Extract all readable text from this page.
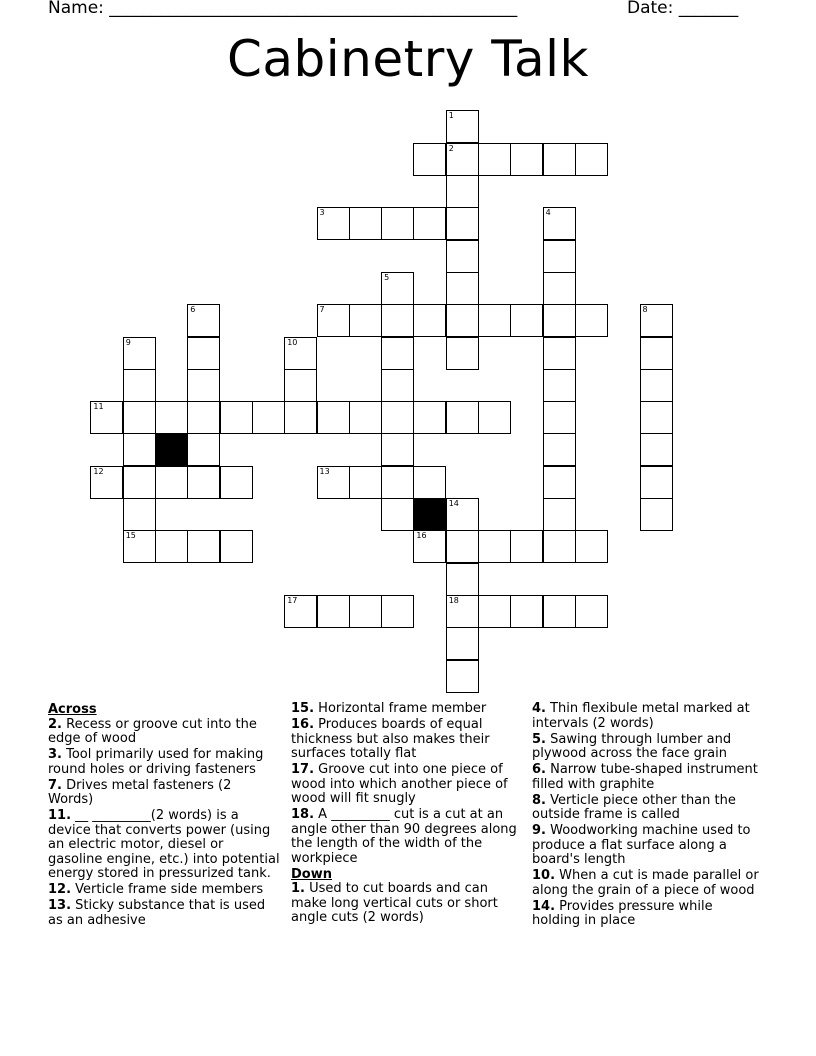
Name: ________________________________________________	Date: _______
Cabinetry Talk
1
2
3	4
5
6	7	8
9	10
11
12	13
14
15	16
17	18
Across
2. Recess or groove cut into the edge of wood
3. Tool primarily used for making round holes or driving fasteners
7. Drives metal fasteners (2 Words)
11. __ _________(2 words) is a device that converts power (using an electric motor, diesel or gasoline engine, etc.) into potential energy stored in pressurized tank.
12. Verticle frame side members
13. Sticky substance that is used as an adhesive
15. Horizontal frame member
16. Produces boards of equal thickness but also makes their surfaces totally flat
17. Groove cut into one piece of wood into which another piece of wood will fit snugly
18. A _________ cut is a cut at an angle other than 90 degrees along the length of the width of the workpiece
Down
1. Used to cut boards and can make long vertical cuts or short angle cuts (2 words)
4. Thin flexibule metal marked at intervals (2 words)
5. Sawing through lumber and plywood across the face grain
6. Narrow tube-shaped instrument filled with graphite
8. Verticle piece other than the outside frame is called
9. Woodworking machine used to produce a flat surface along a board's length
10. When a cut is made parallel or along the grain of a piece of wood
14. Provides pressure while holding in place
